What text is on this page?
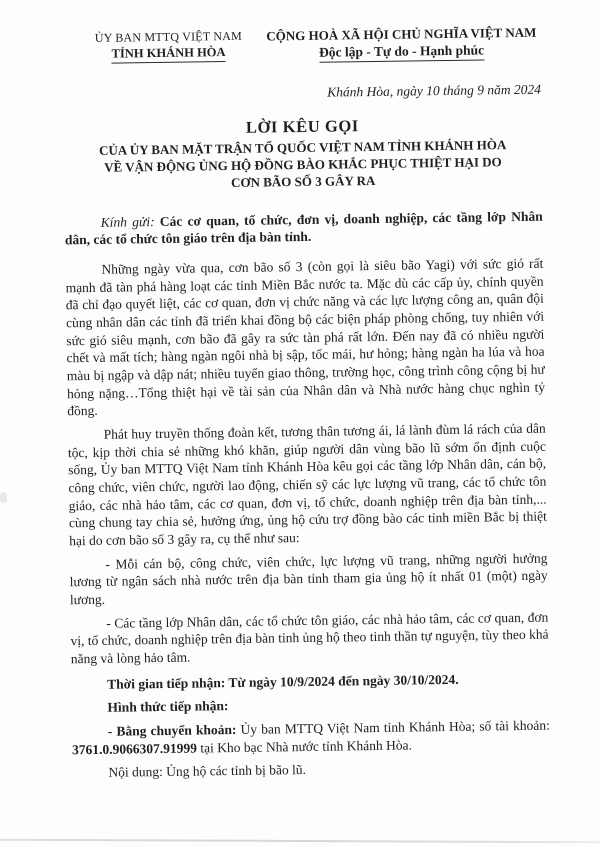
ỦY BAN MTTQ VIỆT NAM
TỈNH KHÁNH HÒA
CỘNG HOÀ XÃ HỘI CHỦ NGHĨA VIỆT NAM
Độc lập - Tự do - Hạnh phúc
Khánh Hòa, ngày 10 tháng 9 năm 2024
LỜI KÊU GỌI
CỦA ỦY BAN MẶT TRẬN TỔ QUỐC VIỆT NAM TỈNH KHÁNH HÒA
VỀ VẬN ĐỘNG ỦNG HỘ ĐỒNG BÀO KHẮC PHỤC THIỆT HẠI DO
CƠN BÃO SỐ 3 GÂY RA

Kính gửi: Các cơ quan, tổ chức, đơn vị, doanh nghiệp, các tầng lớp Nhân dân, các tổ chức tôn giáo trên địa bàn tỉnh.

Những ngày vừa qua, cơn bão số 3 (còn gọi là siêu bão Yagi) với sức gió rất mạnh đã tàn phá hàng loạt các tỉnh Miền Bắc nước ta. Mặc dù các cấp ủy, chính quyền đã chỉ đạo quyết liệt, các cơ quan, đơn vị chức năng và các lực lượng công an, quân đội cùng nhân dân các tỉnh đã triển khai đồng bộ các biện pháp phòng chống, tuy nhiên với sức gió siêu mạnh, cơn bão đã gây ra sức tàn phá rất lớn. Đến nay đã có nhiều người chết và mất tích; hàng ngàn ngôi nhà bị sập, tốc mái, hư hỏng; hàng ngàn ha lúa và hoa màu bị ngập và dập nát; nhiều tuyến giao thông, trường học, công trình công cộng bị hư hỏng nặng…Tổng thiệt hại về tài sản của Nhân dân và Nhà nước hàng chục nghìn tỷ đồng.

Phát huy truyền thống đoàn kết, tương thân tương ái, lá lành đùm lá rách của dân tộc, kịp thời chia sẻ những khó khăn, giúp người dân vùng bão lũ sớm ổn định cuộc sống, Ủy ban MTTQ Việt Nam tỉnh Khánh Hòa kêu gọi các tầng lớp Nhân dân, cán bộ, công chức, viên chức, người lao động, chiến sỹ các lực lượng vũ trang, các tổ chức tôn giáo, các nhà hảo tâm, các cơ quan, đơn vị, tổ chức, doanh nghiệp trên địa bàn tỉnh,... cùng chung tay chia sẻ, hưởng ứng, ủng hộ cứu trợ đồng bào các tỉnh miền Bắc bị thiệt hại do cơn bão số 3 gây ra, cụ thể như sau:

- Mỗi cán bộ, công chức, viên chức, lực lượng vũ trang, những người hưởng lương từ ngân sách nhà nước trên địa bàn tỉnh tham gia ủng hộ ít nhất 01 (một) ngày lương.

- Các tầng lớp Nhân dân, các tổ chức tôn giáo, các nhà hảo tâm, các cơ quan, đơn vị, tổ chức, doanh nghiệp trên địa bàn tỉnh ủng hộ theo tinh thần tự nguyện, tùy theo khả năng và lòng hảo tâm.

Thời gian tiếp nhận: Từ ngày 10/9/2024 đến ngày 30/10/2024.

Hình thức tiếp nhận:

- Bằng chuyển khoản: Ủy ban MTTQ Việt Nam tỉnh Khánh Hòa; số tài khoản: 3761.0.9066307.91999 tại Kho bạc Nhà nước tỉnh Khánh Hòa.

Nội dung: Ủng hộ các tỉnh bị bão lũ.
